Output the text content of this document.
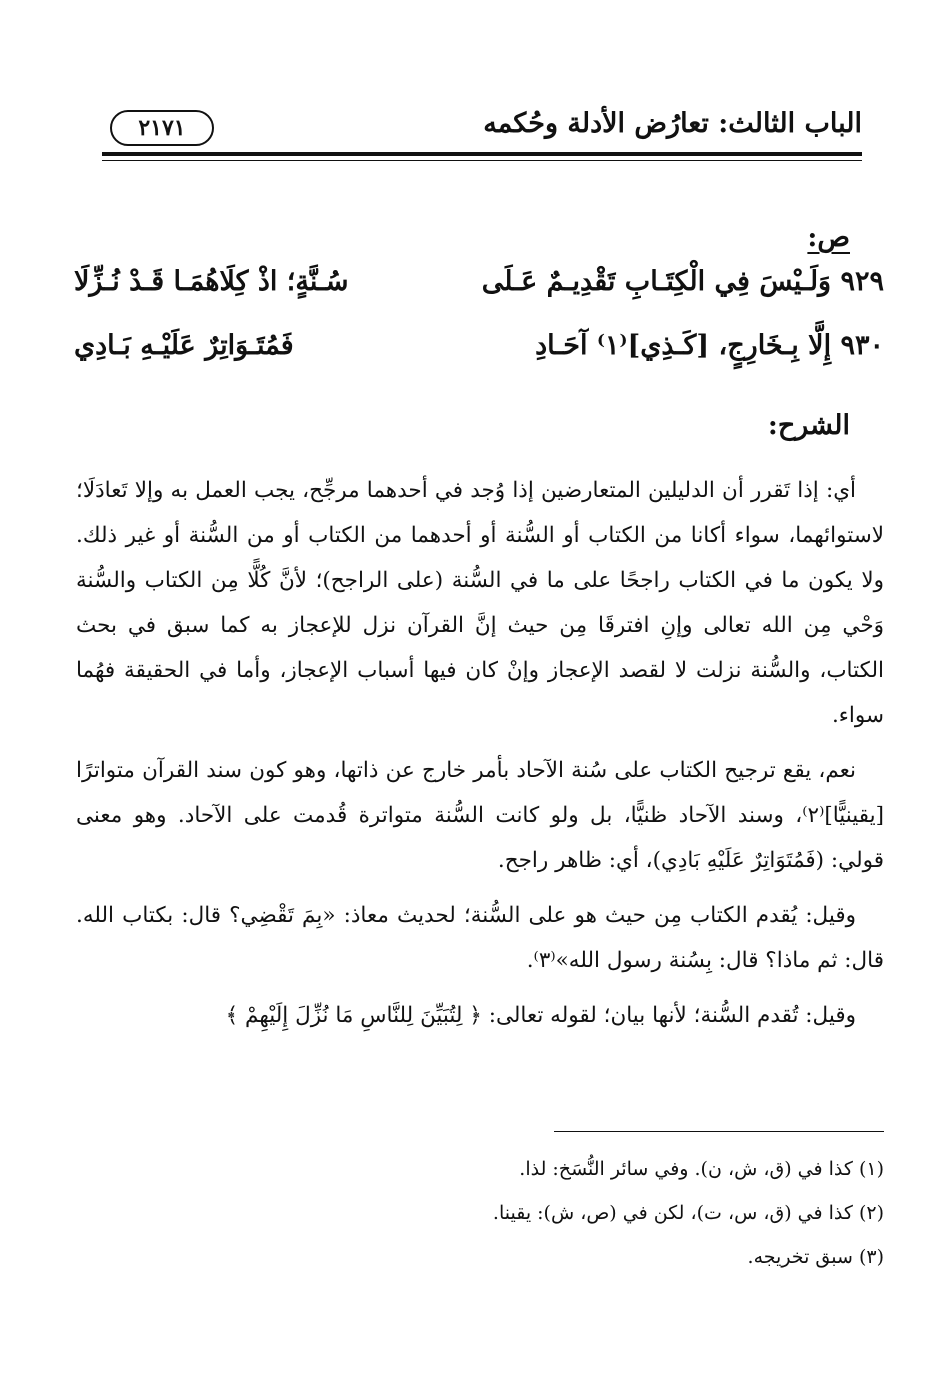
الباب الثالث: تعارُض الأدلة وحُكمه
٢١٧١
ص:
٩٢٩ وَلَـيْسَ فِي الْكِتَـابِ تَقْدِيـمٌ عَـلَى
سُـنَّةٍ؛ اذْ كِلَاهُمَـا قَـدْ نُـزِّلَا
٩٣٠ إِلَّا بِـخَارِجٍ، [كَـذِي]⁽١⁾ آحَـادِ
فَمُتَـوَاتِرٌ عَلَيْـهِ بَـادِي
الشرح:

أي: إذا تَقرر أن الدليلين المتعارضين إذا وُجد في أحدهما مرجِّح، يجب العمل به وإلا تَعادَلَا؛ لاستوائهما، سواء أكانا من الكتاب أو السُّنة أو أحدهما من الكتاب أو من السُّنة أو غير ذلك. ولا يكون ما في الكتاب راجحًا على ما في السُّنة (على الراجح)؛ لأنَّ كُلًّا مِن الكتاب والسُّنة وَحْي مِن الله تعالى وإنِ افترقَا مِن حيث إنَّ القرآن نزل للإعجاز به كما سبق في بحث الكتاب، والسُّنة نزلت لا لقصد الإعجاز وإنْ كان فيها أسباب الإعجاز، وأما في الحقيقة فهُما سواء.

نعم، يقع ترجيح الكتاب على سُنة الآحاد بأمر خارج عن ذاتها، وهو كون سند القرآن متواترًا [يقينيًّا]⁽٢⁾، وسند الآحاد ظنيًّا، بل ولو كانت السُّنة متواترة قُدمت على الآحاد. وهو معنى قولي: (فَمُتَوَاتِرٌ عَلَيْهِ بَادِي)، أي: ظاهر راجح.

وقيل: يُقدم الكتاب مِن حيث هو على السُّنة؛ لحديث معاذ: «بِمَ تَقْضِي؟ قال: بكتاب الله. قال: ثم ماذا؟ قال: بِسُنة رسول الله»⁽٣⁾.

وقيل: تُقدم السُّنة؛ لأنها بيان؛ لقوله تعالى: ﴿ لِتُبَيِّنَ لِلنَّاسِ مَا نُزِّلَ إِلَيْهِمْ ﴾

(١) كذا في (ق، ش، ن). وفي سائر النُّسَخ: لذا.

(٢) كذا في (ق، س، ت)، لكن في (ص، ش): يقينا.

(٣) سبق تخريجه.
